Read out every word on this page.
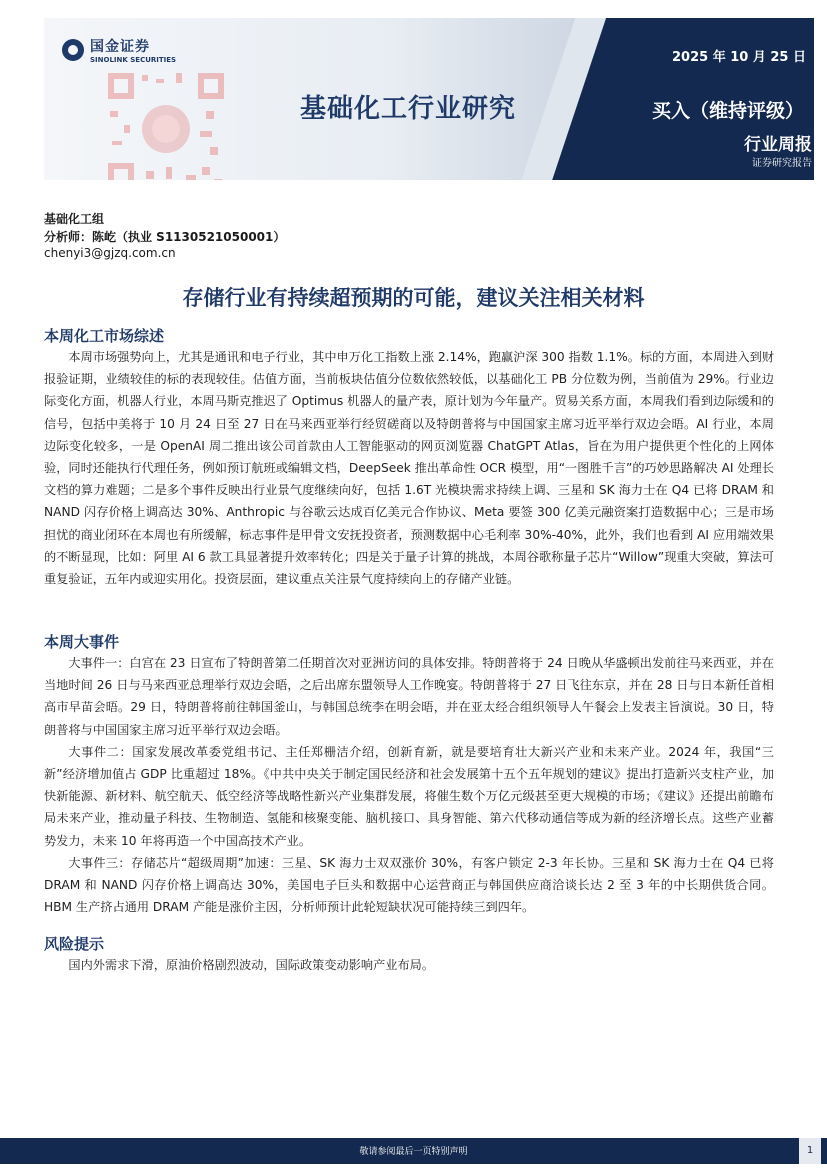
国金证券
SINOLINK SECURITIES
基础化工行业研究
2025 年 10 月 25 日
买入（维持评级）
行业周报
证券研究报告
基础化工组
分析师：陈屹（执业 S1130521050001）
chenyi3@gjzq.com.cn
存储行业有持续超预期的可能，建议关注相关材料
本周化工市场综述

本周市场强势向上，尤其是通讯和电子行业，其中申万化工指数上涨 2.14%，跑赢沪深 300 指数 1.1%。标的方面，本周进入到财报验证期，业绩较佳的标的表现较佳。估值方面，当前板块估值分位数依然较低，以基础化工 PB 分位数为例，当前值为 29%。行业边际变化方面，机器人行业，本周马斯克推迟了 Optimus 机器人的量产表，原计划为今年量产。贸易关系方面，本周我们看到边际缓和的信号，包括中美将于 10 月 24 日至 27 日在马来西亚举行经贸磋商以及特朗普将与中国国家主席习近平举行双边会晤。AI 行业，本周边际变化较多，一是 OpenAI 周二推出该公司首款由人工智能驱动的网页浏览器 ChatGPT Atlas，旨在为用户提供更个性化的上网体验，同时还能执行代理任务，例如预订航班或编辑文档，DeepSeek 推出革命性 OCR 模型，用“一图胜千言”的巧妙思路解决 AI 处理长文档的算力难题；二是多个事件反映出行业景气度继续向好，包括 1.6T 光模块需求持续上调、三星和 SK 海力士在 Q4 已将 DRAM 和 NAND 闪存价格上调高达 30%、Anthropic 与谷歌云达成百亿美元合作协议、Meta 要签 300 亿美元融资案打造数据中心；三是市场担忧的商业闭环在本周也有所缓解，标志事件是甲骨文安抚投资者，预测数据中心毛利率 30%-40%，此外，我们也看到 AI 应用端效果的不断显现，比如：阿里 AI 6 款工具显著提升效率转化；四是关于量子计算的挑战，本周谷歌称量子芯片“Willow”现重大突破，算法可重复验证，五年内或迎实用化。投资层面，建议重点关注景气度持续向上的存储产业链。

本周大事件

大事件一：白宫在 23 日宣布了特朗普第二任期首次对亚洲访问的具体安排。特朗普将于 24 日晚从华盛顿出发前往马来西亚，并在当地时间 26 日与马来西亚总理举行双边会晤，之后出席东盟领导人工作晚宴。特朗普将于 27 日飞往东京，并在 28 日与日本新任首相高市早苗会晤。29 日，特朗普将前往韩国釜山，与韩国总统李在明会晤，并在亚太经合组织领导人午餐会上发表主旨演说。30 日，特朗普将与中国国家主席习近平举行双边会晤。

大事件二：国家发展改革委党组书记、主任郑栅洁介绍，创新育新，就是要培育壮大新兴产业和未来产业。2024 年，我国“三新”经济增加值占 GDP 比重超过 18%。《中共中央关于制定国民经济和社会发展第十五个五年规划的建议》提出打造新兴支柱产业，加快新能源、新材料、航空航天、低空经济等战略性新兴产业集群发展，将催生数个万亿元级甚至更大规模的市场；《建议》还提出前瞻布局未来产业，推动量子科技、生物制造、氢能和核聚变能、脑机接口、具身智能、第六代移动通信等成为新的经济增长点。这些产业蓄势发力，未来 10 年将再造一个中国高技术产业。

大事件三：存储芯片“超级周期”加速：三星、SK 海力士双双涨价 30%，有客户锁定 2-3 年长协。三星和 SK 海力士在 Q4 已将 DRAM 和 NAND 闪存价格上调高达 30%，美国电子巨头和数据中心运营商正与韩国供应商洽谈长达 2 至 3 年的中长期供货合同。HBM 生产挤占通用 DRAM 产能是涨价主因，分析师预计此轮短缺状况可能持续三到四年。

风险提示

国内外需求下滑，原油价格剧烈波动，国际政策变动影响产业布局。

敬请参阅最后一页特别声明	1
